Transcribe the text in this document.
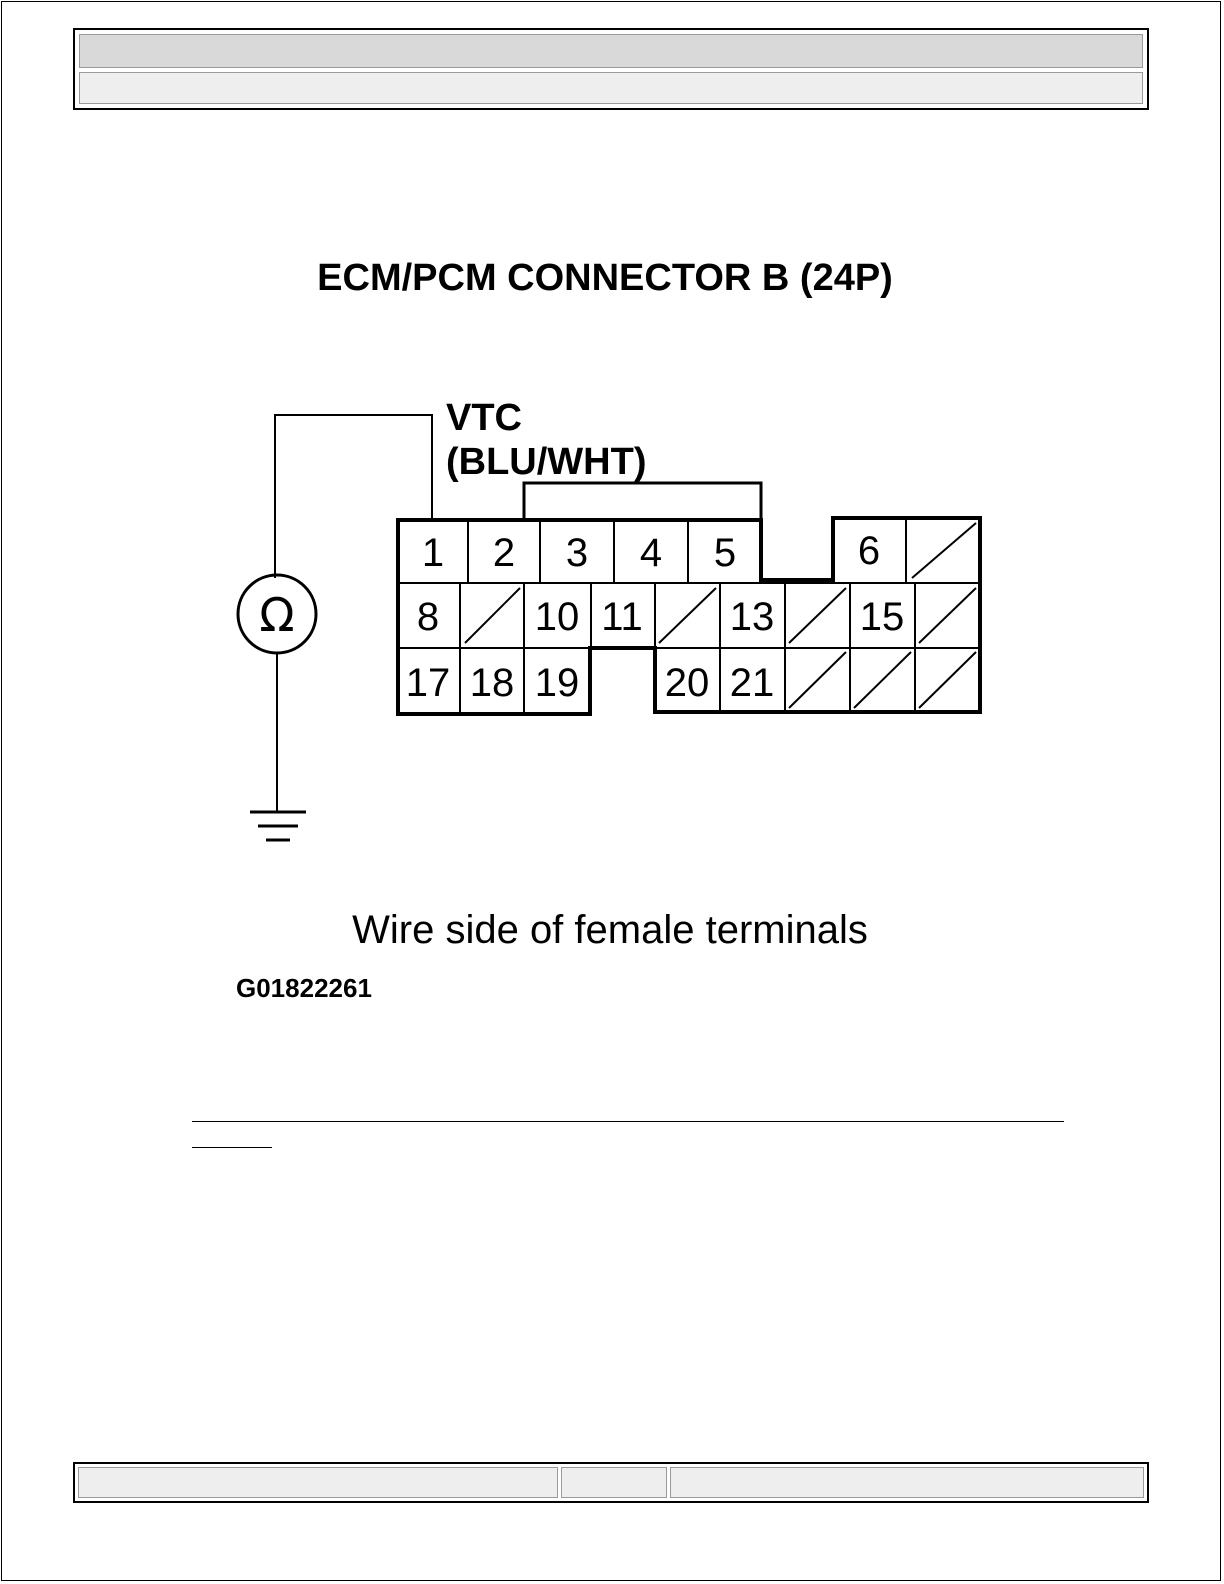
ECM/PCM CONNECTOR B (24P)
VTC
(BLU/WHT)
Ω
1 2 3 4 5	6
8 10 11 13 15
17 18 19 20 21
Wire side of female terminals
G01822261
